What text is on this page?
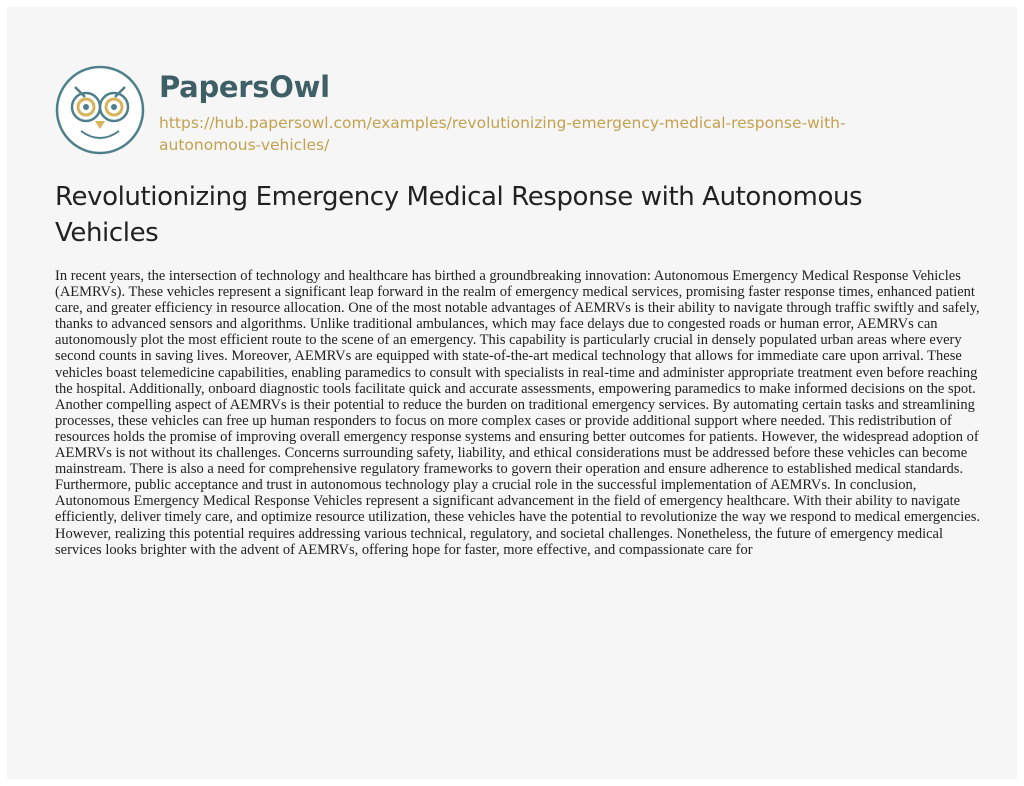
PapersOwl
https://hub.papersowl.com/examples/revolutionizing-emergency-medical-response-with-autonomous-vehicles/
Revolutionizing Emergency Medical Response with Autonomous Vehicles

In recent years, the intersection of technology and healthcare has birthed a groundbreaking innovation: Autonomous Emergency Medical Response Vehicles (AEMRVs). These vehicles represent a significant leap forward in the realm of emergency medical services, promising faster response times, enhanced patient care, and greater efficiency in resource allocation. One of the most notable advantages of AEMRVs is their ability to navigate through traffic swiftly and safely, thanks to advanced sensors and algorithms. Unlike traditional ambulances, which may face delays due to congested roads or human error, AEMRVs can autonomously plot the most efficient route to the scene of an emergency. This capability is particularly crucial in densely populated urban areas where every second counts in saving lives. Moreover, AEMRVs are equipped with state-of-the-art medical technology that allows for immediate care upon arrival. These vehicles boast telemedicine capabilities, enabling paramedics to consult with specialists in real-time and administer appropriate treatment even before reaching the hospital. Additionally, onboard diagnostic tools facilitate quick and accurate assessments, empowering paramedics to make informed decisions on the spot. Another compelling aspect of AEMRVs is their potential to reduce the burden on traditional emergency services. By automating certain tasks and streamlining processes, these vehicles can free up human responders to focus on more complex cases or provide additional support where needed. This redistribution of resources holds the promise of improving overall emergency response systems and ensuring better outcomes for patients. However, the widespread adoption of AEMRVs is not without its challenges. Concerns surrounding safety, liability, and ethical considerations must be addressed before these vehicles can become mainstream. There is also a need for comprehensive regulatory frameworks to govern their operation and ensure adherence to established medical standards. Furthermore, public acceptance and trust in autonomous technology play a crucial role in the successful implementation of AEMRVs. In conclusion, Autonomous Emergency Medical Response Vehicles represent a significant advancement in the field of emergency healthcare. With their ability to navigate efficiently, deliver timely care, and optimize resource utilization, these vehicles have the potential to revolutionize the way we respond to medical emergencies. However, realizing this potential requires addressing various technical, regulatory, and societal challenges. Nonetheless, the future of emergency medical services looks brighter with the advent of AEMRVs, offering hope for faster, more effective, and compassionate care for
